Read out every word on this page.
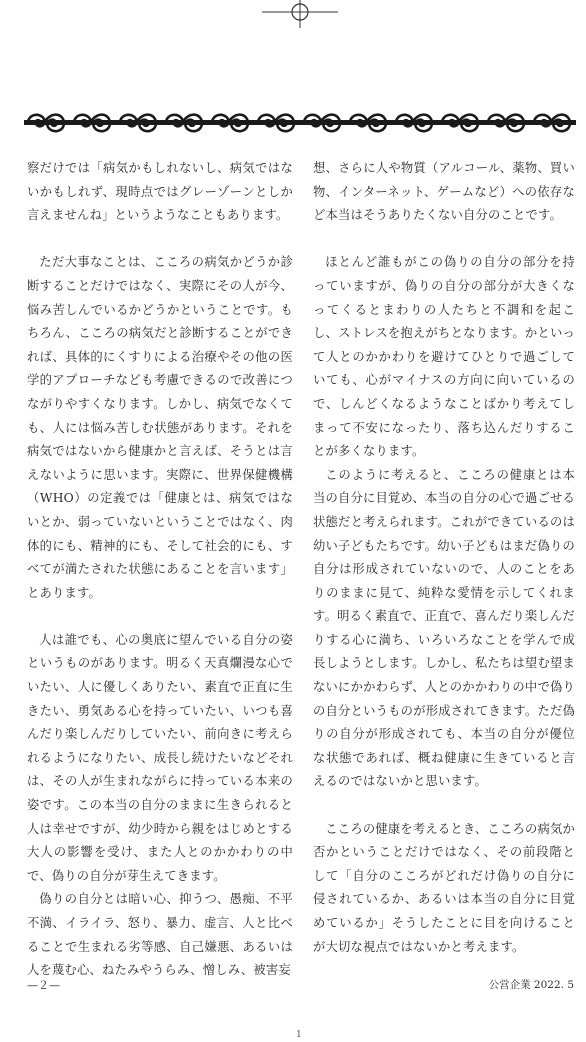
察だけでは「病気かもしれないし、病気ではないかもしれず、現時点ではグレーゾーンとしか言えませんね」というようなこともあります。

ただ大事なことは、こころの病気かどうか診断することだけではなく、実際にその人が今、悩み苦しんでいるかどうかということです。もちろん、こころの病気だと診断することができれば、具体的にくすりによる治療やその他の医学的アプローチなども考慮できるので改善につながりやすくなります。しかし、病気でなくても、人には悩み苦しむ状態があります。それを病気ではないから健康かと言えば、そうとは言えないように思います。実際に、世界保健機構（WHO）の定義では「健康とは、病気ではないとか、弱っていないということではなく、肉体的にも、精神的にも、そして社会的にも、すべてが満たされた状態にあることを言います」とあります。

人は誰でも、心の奥底に望んでいる自分の姿というものがあります。明るく天真爛漫な心でいたい、人に優しくありたい、素直で正直に生きたい、勇気ある心を持っていたい、いつも喜んだり楽しんだりしていたい、前向きに考えられるようになりたい、成長し続けたいなどそれは、その人が生まれながらに持っている本来の姿です。この本当の自分のままに生きられると人は幸せですが、幼少時から親をはじめとする大人の影響を受け、また人とのかかわりの中で、偽りの自分が芽生えてきます。

偽りの自分とは暗い心、抑うつ、愚痴、不平不満、イライラ、怒り、暴力、虚言、人と比べることで生まれる劣等感、自己嫌悪、あるいは人を蔑む心、ねたみやうらみ、憎しみ、被害妄

想、さらに人や物質（アルコール、薬物、買い物、インターネット、ゲームなど）への依存など本当はそうありたくない自分のことです。

ほとんど誰もがこの偽りの自分の部分を持っていますが、偽りの自分の部分が大きくなってくるとまわりの人たちと不調和を起こし、ストレスを抱えがちとなります。かといって人とのかかわりを避けてひとりで過ごしていても、心がマイナスの方向に向いているので、しんどくなるようなことばかり考えてしまって不安になったり、落ち込んだりすることが多くなります。

このように考えると、こころの健康とは本当の自分に目覚め、本当の自分の心で過ごせる状態だと考えられます。これができているのは幼い子どもたちです。幼い子どもはまだ偽りの自分は形成されていないので、人のことをありのままに見て、純粋な愛情を示してくれます。明るく素直で、正直で、喜んだり楽しんだりする心に満ち、いろいろなことを学んで成長しようとします。しかし、私たちは望む望まないにかかわらず、人とのかかわりの中で偽りの自分というものが形成されてきます。ただ偽りの自分が形成されても、本当の自分が優位な状態であれば、概ね健康に生きていると言えるのではないかと思います。

こころの健康を考えるとき、こころの病気か否かということだけではなく、その前段階として「自分のこころがどれだけ偽りの自分に侵されているか、あるいは本当の自分に目覚めているか」そうしたことに目を向けることが大切な視点ではないかと考えます。

—２—	公営企業 2022. 5
1
